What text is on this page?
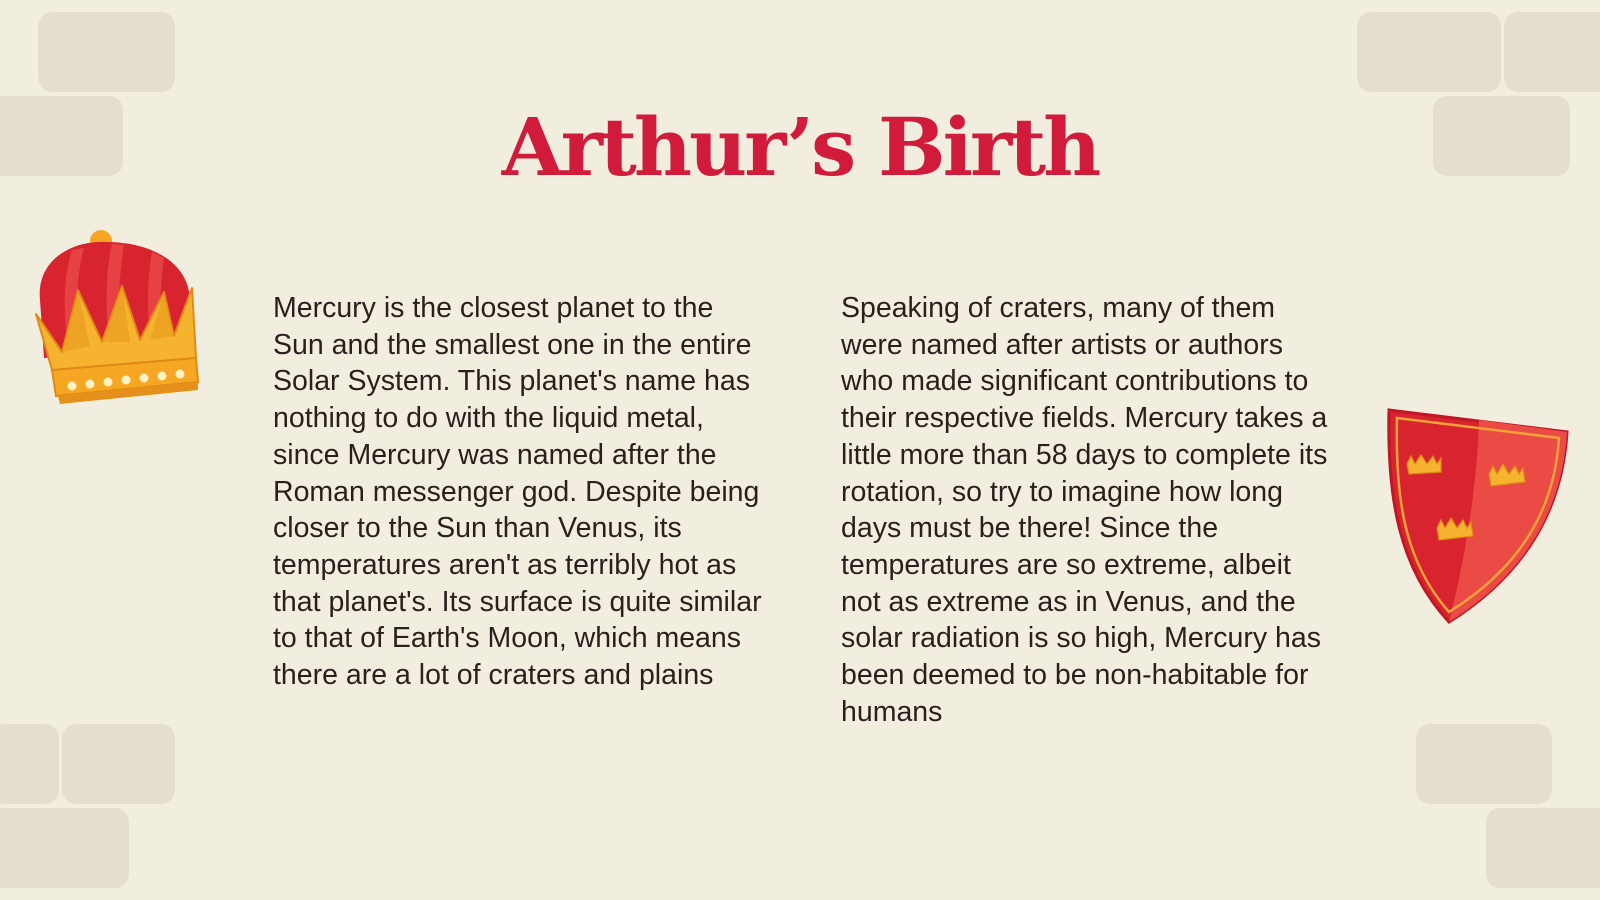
Arthur’s Birth

Mercury is the closest planet to the Sun and the smallest one in the entire Solar System. This planet's name has nothing to do with the liquid metal, since Mercury was named after the Roman messenger god. Despite being closer to the Sun than Venus, its temperatures aren't as terribly hot as that planet's. Its surface is quite similar to that of Earth's Moon, which means there are a lot of craters and plains

Speaking of craters, many of them were named after artists or authors who made significant contributions to their respective fields. Mercury takes a little more than 58 days to complete its rotation, so try to imagine how long days must be there! Since the temperatures are so extreme, albeit not as extreme as in Venus, and the solar radiation is so high, Mercury has been deemed to be non-habitable for humans
